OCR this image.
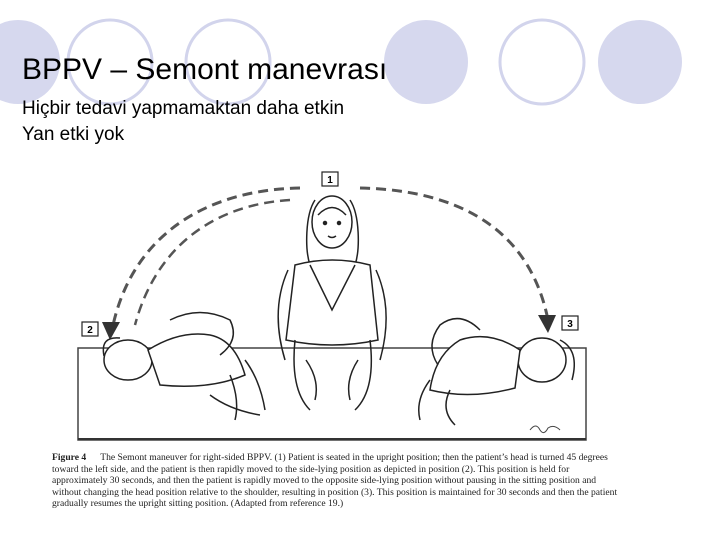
BPPV – Semont manevrası
Hiçbir tedavi yapmamaktan daha etkin
Yan etki yok
1
2
3
Figure 4 The Semont maneuver for right-sided BPPV. (1) Patient is seated in the upright position; then the patient’s head is turned 45 degrees toward the left side, and the patient is then rapidly moved to the side-lying position as depicted in position (2). This position is held for approximately 30 seconds, and then the patient is rapidly moved to the opposite side-lying position without pausing in the sitting position and without changing the head position relative to the shoulder, resulting in position (3). This position is maintained for 30 seconds and then the patient gradually resumes the upright sitting position. (Adapted from reference 19.)
